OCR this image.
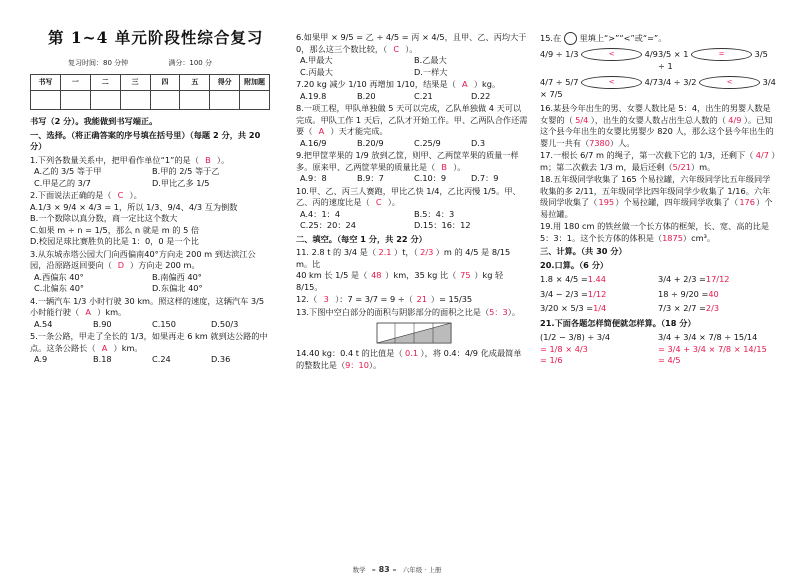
第 1~4 单元阶段性综合复习
复习时间：80 分钟	满分：100 分
书写	一	二	三	四	五	得分	附加题

书写（2 分）。我能做到书写端正。
一、选择。（将正确答案的序号填在括号里）（每题 2 分，共 20 分）
1.下列各数量关系中，把甲看作单位“1”的是（ B ）。
A.乙的 3/5 等于甲	B.甲的 2/5 等于乙
C.甲是乙的 3/7	D.甲比乙多 1/5
2.下面说法正确的是（ C ）。
A.1/3 × 9/4 × 4/3 = 1，所以 1/3、9/4、4/3 互为倒数
B.一个数除以真分数，商一定比这个数大
C.如果 m ÷ n = 1/5，那么 n 就是 m 的 5 倍
D.校园足球比赛胜负的比是 1：0，0 是一个比
3.从东城赤塔公园大门向西偏南40°方向走 200 m 到达滨江公园，沿原路返回要向（ D ）方向走 200 m。
A.西偏东 40°	B.南偏西 40°
C.北偏东 40°	D.东偏北 40°
4.一辆汽车 1/3 小时行驶 30 km。照这样的速度，这辆汽车 3/5 小时能行驶（ A ）km。
A.54	B.90	C.150	D.50/3
5.一条公路，甲走了全长的 1/3，如果再走 6 km 就到达公路的中点。这条公路长（ A ）km。
A.9	B.18	C.24	D.36
6.如果甲 × 9/5 = 乙 ÷ 4/5 = 丙 × 4/5，且甲、乙、丙均大于 0，那么这三个数比较，（ C ）。
A.甲最大	B.乙最大
C.丙最大	D.一样大
7.20 kg 减少 1/10 再增加 1/10，结果是（ A ）kg。
A.19.8	B.20	C.21	D.22
8.一项工程，甲队单独做 5 天可以完成，乙队单独做 4 天可以完成。甲队工作 1 天后，乙队才开始工作。甲、乙两队合作还需要（ A ）天才能完成。
A.16/9	B.20/9	C.25/9	D.3
9.把甲筐苹果的 1/9 放到乙筐，则甲、乙两筐苹果的质量一样多。原来甲、乙两筐苹果的质量比是（ B ）。
A.9：8	B.9：7	C.10：9	D.7：9
10.甲、乙、丙三人赛跑，甲比乙快 1/4，乙比丙慢 1/5。甲、乙、丙的速度比是（ C ）。
A.4：1：4	B.5：4：3
C.25：20：24	D.15：16：12
二、填空。（每空 1 分，共 22 分）
11. 2.8 t 的 3/4 是（ 2.1 ）t，（ 2/3 ）m 的 4/5 是 8/15 m。比
40 km 长 1/5 是（ 48 ）km，35 kg 比（ 75 ）kg 轻 8/15。
12.（ 3 ）：7 = 3/7 = 9 ÷（ 21 ）= 15/35
13.下图中空白部分的面积与阴影部分的面积之比是（5：3）。
14.40 kg：0.4 t 的比值是（ 0.1 ），将 0.4：4/9 化成最简单的整数比是（9：10）。
15.在 里填上“>”“<”或“=”。
4/9 ÷ 1/3	<	4/9 3/5 × 1	=	3/5 ÷ 1
4/7 ÷ 5/7	<	4/7 × 7/5
3/4 ÷ 3/2	<	3/4
16.某县今年出生的男、女婴人数比是 5：4，出生的男婴人数是女婴的（ 5/4 ），出生的女婴人数占出生总人数的（ 4/9 ）。已知这个县今年出生的女婴比男婴少 820 人，那么这个县今年出生的婴儿一共有（7380）人。
17.一根长 6/7 m 的绳子，第一次截下它的 1/3，还剩下（ 4/7 ）m；第二次截去 1/3 m，最后还剩（5/21）m。
18.五年级同学收集了 165 个易拉罐，六年级同学比五年级同学收集的多 2/11，五年级同学比四年级同学少收集了 1/16。六年级同学收集了（195）个易拉罐，四年级同学收集了（176）个易拉罐。
19.用 180 cm 的铁丝做一个长方体的框架，长、宽、高的比是 5：3：1。这个长方体的体积是（1875）cm³。
三、计算。（共 30 分）
20.口算。（6 分）
1.8 × 4/5 =1.44	3/4 + 2/3 =17/12
3/4 − 2/3 =1/12	18 ÷ 9/20 =40
3/20 × 5/3 =1/4	7/3 × 2/7 =2/3
21.下面各题怎样简便就怎样算。（18 分）
(1/2 − 3/8) ÷ 3/4
= 1/8 × 4/3
= 1/6
3/4 + 3/4 × 7/8 ÷ 15/14
= 3/4 + 3/4 × 7/8 × 14/15
= 4/5
数学 – 83 – 六年级 · 上册
